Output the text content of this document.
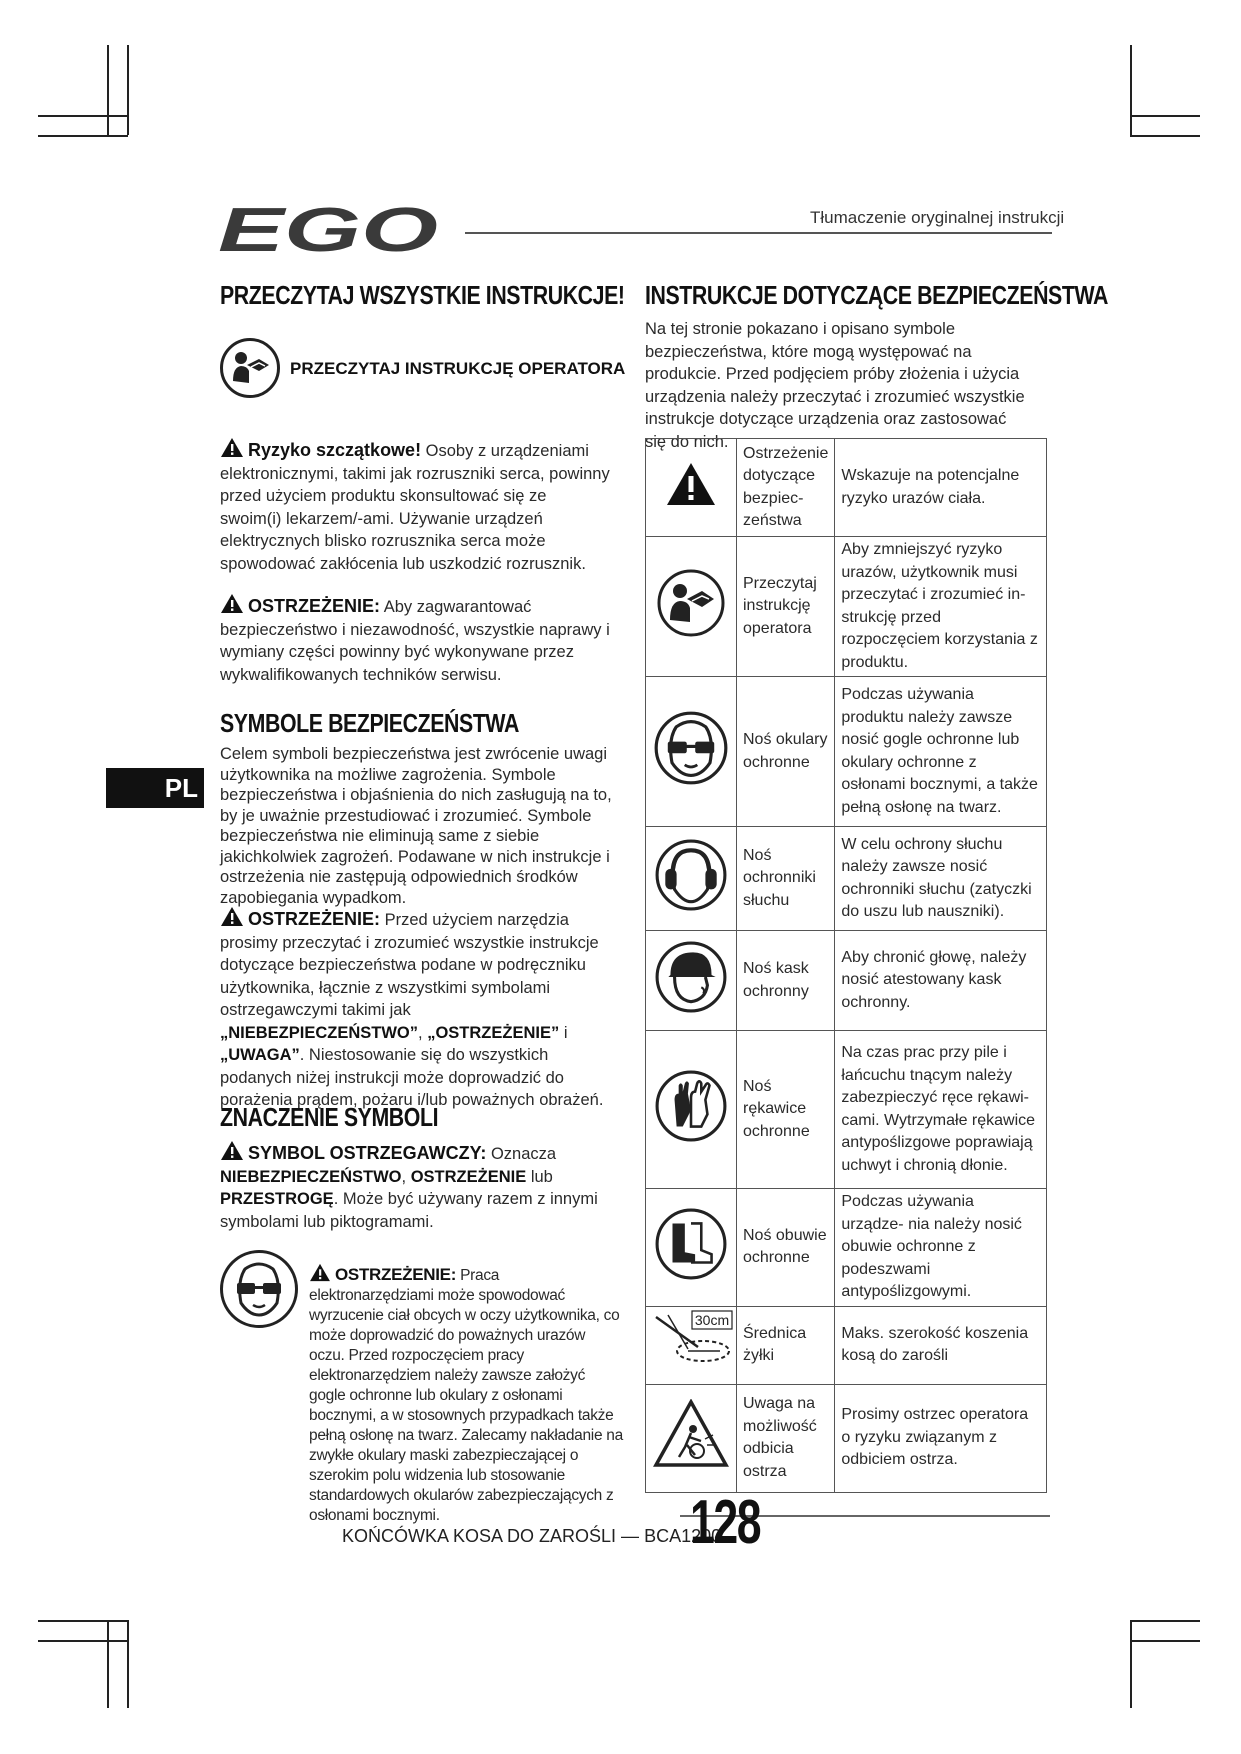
EGO	Tłumaczenie oryginalnej instrukcji
PL
PRZECZYTAJ WSZYSTKIE INSTRUKCJE!
PRZECZYTAJ INSTRUKCJĘ OPERATORA
Ryzyko szczątkowe! Osoby z urządzeniami elektronicznymi, takimi jak rozruszniki serca, powinny przed użyciem produktu skonsultować się ze swoim(i) lekarzem/-ami. Używanie urządzeń elektrycznych blisko rozrusznika serca może spowodować zakłócenia lub uszkodzić rozrusznik.
OSTRZEŻENIE: Aby zagwarantować bezpieczeństwo i niezawodność, wszystkie naprawy i wymiany części powinny być wykonywane przez wykwalifikowanych techników serwisu.
SYMBOLE BEZPIECZEŃSTWA
Celem symboli bezpieczeństwa jest zwrócenie uwagi użytkownika na możliwe zagrożenia. Symbole bezpieczeństwa i objaśnienia do nich zasługują na to, by je uważnie przestudiować i zrozumieć. Symbole bezpieczeństwa nie eliminują same z siebie jakichkolwiek zagrożeń. Podawane w nich instrukcje i ostrzeżenia nie zastępują odpowiednich środków zapobiegania wypadkom.
OSTRZEŻENIE: Przed użyciem narzędzia prosimy przeczytać i zrozumieć wszystkie instrukcje dotyczące bezpieczeństwa podane w podręczniku użytkownika, łącznie z wszystkimi symbolami ostrzegawczymi takimi jak „NIEBEZPIECZEŃSTWO”, „OSTRZEŻENIE” i „UWAGA”. Niestosowanie się do wszystkich podanych niżej instrukcji może doprowadzić do porażenia prądem, pożaru i/lub poważnych obrażeń.
ZNACZENIE SYMBOLI
SYMBOL OSTRZEGAWCZY: Oznacza NIEBEZPIECZEŃSTWO, OSTRZEŻENIE lub PRZESTROGĘ. Może być używany razem z innymi symbolami lub piktogramami.
OSTRZEŻENIE: Praca elektronarzędziami może spowodować wyrzucenie ciał obcych w oczy użytkownika, co może doprowadzić do poważnych urazów oczu. Przed rozpoczęciem pracy elektronarzędziem należy zawsze założyć gogle ochronne lub okulary z osłonami bocznymi, a w stosownych przypadkach także pełną osłonę na twarz. Zalecamy nakładanie na zwykłe okulary maski zabezpieczającej o szerokim polu widzenia lub stosowanie standardowych okularów zabezpieczających z osłonami bocznymi.
INSTRUKCJE DOTYCZĄCE BEZPIECZEŃSTWA
Na tej stronie pokazano i opisano symbole bezpieczeństwa, które mogą występować na produkcie. Przed podjęciem próby złożenia i użycia urządzenia należy przeczytać i zrozumieć wszystkie instrukcje dotyczące urządzenia oraz zastosować się do nich.
	Ostrzeżenie dotyczące bezpiec- zeństwa	Wskazuje na potencjalne ryzyko urazów ciała.
	Przeczytaj instrukcję operatora	Aby zmniejszyć ryzyko urazów, użytkownik musi przeczytać i zrozumieć in- strukcję przed rozpoczęciem korzystania z produktu.
	Noś okulary ochronne	Podczas używania produktu należy zawsze nosić gogle ochronne lub okulary ochronne z osłonami bocznymi, a także pełną osłonę na twarz.
	Noś ochronniki słuchu	W celu ochrony słuchu należy zawsze nosić ochronniki słuchu (zatyczki do uszu lub nauszniki).
	Noś kask ochronny	Aby chronić głowę, należy nosić atestowany kask ochronny.
	Noś rękawice ochronne	Na czas prac przy pile i łańcuchu tnącym należy zabezpieczyć ręce rękawi- cami. Wytrzymałe rękawice antypoślizgowe poprawiają uchwyt i chronią dłonie.
	Noś obuwie ochronne	Podczas używania urządze- nia należy nosić obuwie ochronne z podeszwami antypoślizgowymi.

30cm	Średnica żyłki	Maks. szerokość koszenia kosą do zarośli
	Uwaga na możliwość odbicia ostrza	Prosimy ostrzec operatora o ryzyku związanym z odbiciem ostrza.
KOŃCÓWKA KOSA DO ZAROŚLI — BCA1200
128
